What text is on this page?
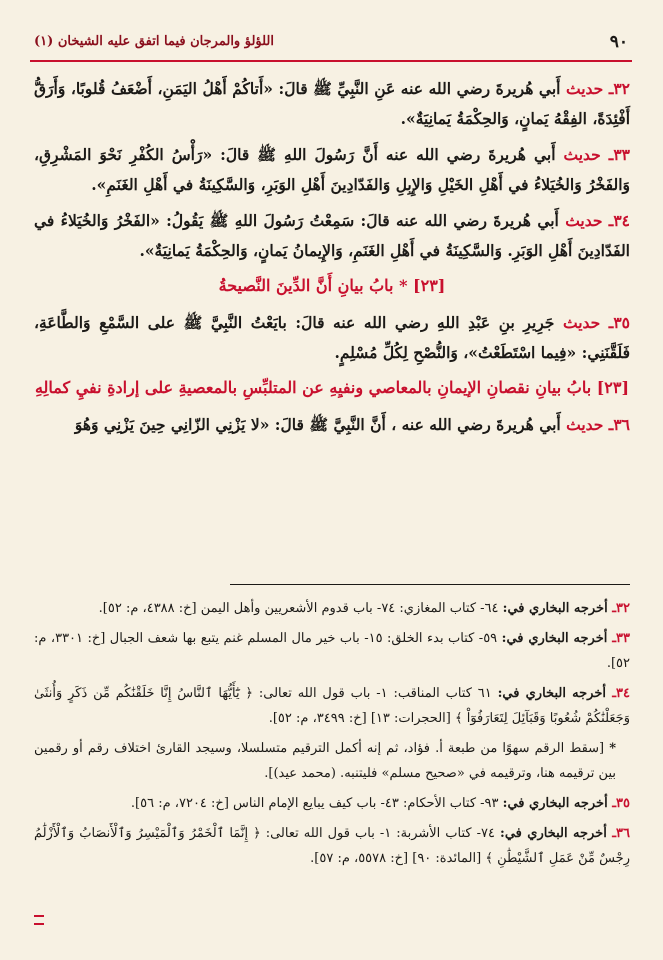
٩٠
اللؤلؤ والمرجان فيما اتفق عليه الشيخان (١)

٣٢ـ حديث أَبي هُريرةَ رضي الله عنه عَنِ النَّبِيِّ ﷺ قالَ: «أَتاكُمْ أَهْلُ اليَمَنِ، أَضْعَفُ قُلوبًا، وَأَرَقُّ أَفْئِدَةً، الفِقْهُ يَمانٍ، وَالحِكْمَةُ يَمانِيَةٌ».

٣٣ـ حديث أَبي هُريرةَ رضي الله عنه أَنَّ رَسُولَ اللهِ ﷺ قالَ: «رَأْسُ الكُفْرِ نَحْوَ المَشْرِقِ، وَالفَخْرُ وَالخُيَلاءُ في أَهْلِ الخَيْلِ وَالإِبِلِ وَالفَدّادِينَ أَهْلِ الوَبَرِ، وَالسَّكِينَةُ في أَهْلِ الغَنَمِ».

٣٤ـ حديث أَبي هُريرةَ رضي الله عنه قالَ: سَمِعْتُ رَسُولَ اللهِ ﷺ يَقُولُ: «الفَخْرُ وَالخُيَلاءُ في الفَدّادِينَ أَهْلِ الوَبَرِ. وَالسَّكِينَةُ في أَهْلِ الغَنَمِ، وَالإِيمانُ يَمانٍ، وَالحِكْمَةُ يَمانِيَةٌ».

[٢٣] * بابُ بيانِ أَنَّ الدِّينَ النَّصيحةُ

٣٥ـ حديث جَرِيرِ بنِ عَبْدِ اللهِ رضي الله عنه قالَ: بايَعْتُ النَّبِيَّ ﷺ على السَّمْعِ وَالطَّاعَةِ، فَلَقَّنَنِي: «فِيما اسْتَطَعْتُ»، وَالنُّصْحِ لِكُلِّ مُسْلِمٍ.

[٢٣] بابُ بيانِ نقصانِ الإيمانِ بالمعاصي ونفيِهِ عن المتلبِّسِ بالمعصيةِ على إرادةِ نفيِ كمالِهِ

٣٦ـ حديث أَبي هُريرةَ رضي الله عنه ، أَنَّ النَّبِيَّ ﷺ قالَ: «لا يَزْنِي الزّانِي حِينَ يَزْنِي وَهُوَ

٣٢ـ أخرجه البخاري في: ٦٤- كتاب المغازي: ٧٤- باب قدوم الأشعريين وأهل اليمن [خ: ٤٣٨٨، م: ٥٢].

٣٣ـ أخرجه البخاري في: ٥٩- كتاب بدء الخلق: ١٥- باب خير مال المسلم غنم يتبع بها شعف الجبال [خ: ٣٣٠١، م: ٥٢].

٣٤ـ أخرجه البخاري في: ٦١ كتاب المناقب: ١- باب قول الله تعالى: ﴿ يَٰٓأَيُّهَا ٱلنَّاسُ إِنَّا خَلَقْنَٰكُم مِّن ذَكَرٍ وَأُنثَىٰ وَجَعَلْنَٰكُمْ شُعُوبًا وَقَبَآئِلَ لِتَعَارَفُوٓاْ ﴾ [الحجرات: ١٣] [خ: ٣٤٩٩، م: ٥٢].

* [سقط الرقم سهوًا من طبعة أ. فؤاد، ثم إنه أكمل الترقيم متسلسلا، وسيجد القارئ اختلاف رقم أو رقمين بين ترقيمه هنا، وترقيمه في «صحيح مسلم» فليتنبه. (محمد عيد)].

٣٥ـ أخرجه البخاري في: ٩٣- كتاب الأحكام: ٤٣- باب كيف يبايع الإمام الناس [خ: ٧٢٠٤، م: ٥٦].

٣٦ـ أخرجه البخاري في: ٧٤- كتاب الأشربة: ١- باب قول الله تعالى: ﴿ إِنَّمَا ٱلْخَمْرُ وَٱلْمَيْسِرُ وَٱلْأَنصَابُ وَٱلْأَزْلَٰمُ رِجْسٌ مِّنْ عَمَلِ ٱلشَّيْطَٰنِ ﴾ [المائدة: ٩٠] [خ: ٥٥٧٨، م: ٥٧].
